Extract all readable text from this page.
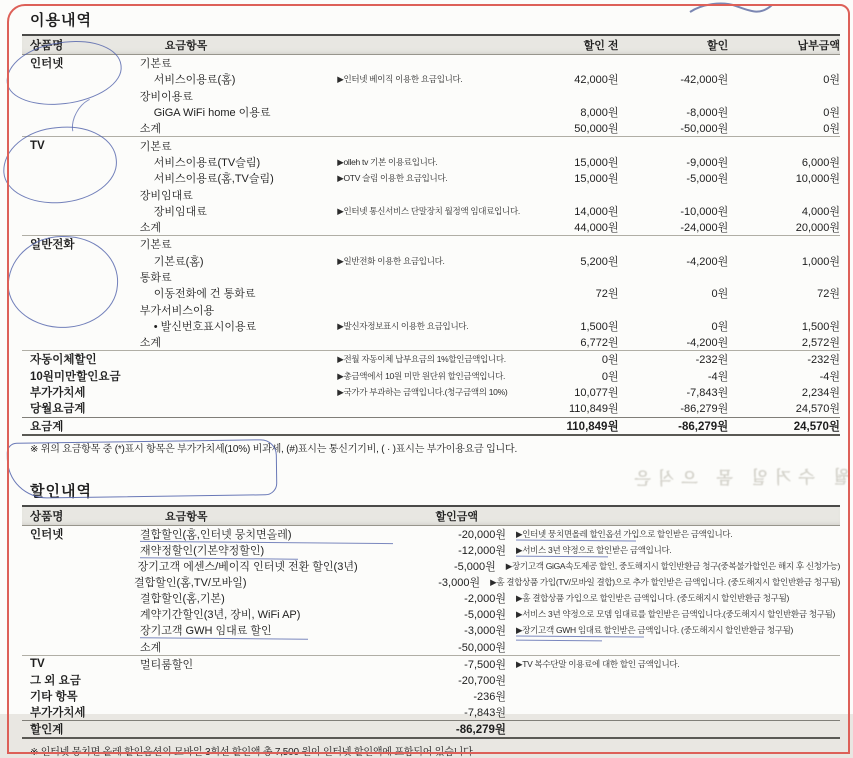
월 수거일 몸 으식은
이용내역
상품명	요금항목	할인 전	할인	납부금액
인터넷	기본료
서비스이용료(홈)	▶인터넷 베이직 이용한 요금입니다.	42,000원	-42,000원	0원
장비이용료
GiGA WiFi home 이용료	8,000원	-8,000원	0원
소계	50,000원	-50,000원	0원
TV	기본료
서비스이용료(TV슬림)	▶olleh tv 기본 이용료입니다.	15,000원	-9,000원	6,000원
서비스이용료(홈,TV슬림)	▶OTV 슬림 이용한 요금입니다.	15,000원	-5,000원	10,000원
장비임대료
장비임대료	▶인터넷 통신서비스 단말장치 월정액 임대료입니다.	14,000원	-10,000원	4,000원
소계	44,000원	-24,000원	20,000원
일반전화	기본료
기본료(홈)	▶일반전화 이용한 요금입니다.	5,200원	-4,200원	1,000원
통화료
이동전화에 건 통화료	72원	0원	72원
부가서비스이용
• 발신번호표시이용료	▶발신자정보표시 이용한 요금입니다.	1,500원	0원	1,500원
소계	6,772원	-4,200원	2,572원
자동이체할인	▶전월 자동이체 납부요금의 1%할인금액입니다.	0원	-232원	-232원
10원미만할인요금	▶총금액에서 10원 미만 원단위 할인금액입니다.	0원	-4원	-4원
부가가치세	▶국가가 부과하는 금액입니다.(청구금액의 10%)	10,077원	-7,843원	2,234원
당월요금계	110,849원	-86,279원	24,570원
요금계	110,849원	-86,279원	24,570원
※ 위의 요금항목 중 (*)표시 항목은 부가가치세(10%) 비과세, (#)표시는 통신기기비, ( · )표시는 부가이용요금 입니다.
할인내역
상품명	요금항목	할인금액
인터넷	결합할인(홈,인터넷 뭉치면올레)	-20,000원	▶인터넷 뭉치면올레 할인옵션 가입으로 할인받은 금액입니다.
재약정할인(기본약정할인)	-12,000원	▶서비스 3년 약정으로 할인받은 금액입니다.
장기고객 에센스/베이직 인터넷 전환 할인(3년)	-5,000원	▶장기고객 GiGA속도제공 할인, 중도해지시 할인반환금 청구(중복불가할인은 해지 후 신청가능)
결합할인(홈,TV/모바일)	-3,000원	▶홈 결합상품 가입(TV/모바일 결합)으로 추가 할인받은 금액입니다. (중도해지시 할인반환금 청구됨)
결합할인(홈,기본)	-2,000원	▶홈 결합상품 가입으로 할인받은 금액입니다. (중도해지시 할인반환금 청구됨)
계약기간할인(3년, 장비, WiFi AP)	-5,000원	▶서비스 3년 약정으로 모뎀 임대료를 할인받은 금액입니다.(중도해지시 할인반환금 청구됨)
장기고객 GWH 임대료 할인	-3,000원	▶장기고객 GWH 임대료 할인받은 금액입니다. (중도해지시 할인반환금 청구됨)
소계	-50,000원
TV	멀티룸할인	-7,500원	▶TV 복수단말 이용료에 대한 할인 금액입니다.
그 외 요금	-20,700원
기타 항목	-236원
부가가치세	-7,843원
할인계	-86,279원
※ 인터넷 뭉치면 올레 할인옵션의 모바일 3회선 할인액 총 7,500 원이 인터넷 할인액에 포함되어 있습니다
